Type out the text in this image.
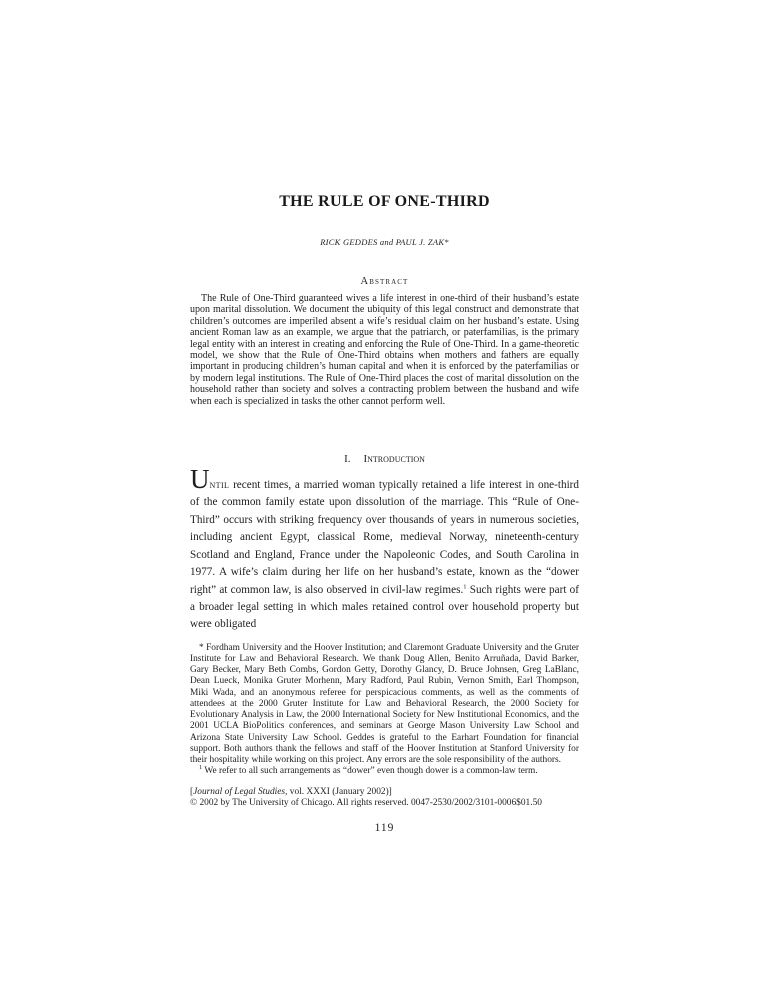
THE RULE OF ONE-THIRD
RICK GEDDES and PAUL J. ZAK*
Abstract

The Rule of One-Third guaranteed wives a life interest in one-third of their husband’s estate upon marital dissolution. We document the ubiquity of this legal construct and demonstrate that children’s outcomes are imperiled absent a wife’s residual claim on her husband’s estate. Using ancient Roman law as an example, we argue that the patriarch, or paterfamilias, is the primary legal entity with an interest in creating and enforcing the Rule of One-Third. In a game-theoretic model, we show that the Rule of One-Third obtains when mothers and fathers are equally important in producing children’s human capital and when it is enforced by the paterfamilias or by modern legal institutions. The Rule of One-Third places the cost of marital dissolution on the household rather than society and solves a contracting problem between the husband and wife when each is specialized in tasks the other cannot perform well.

I. Introduction

Until recent times, a married woman typically retained a life interest in one-third of the common family estate upon dissolution of the marriage. This “Rule of One-Third” occurs with striking frequency over thousands of years in numerous societies, including ancient Egypt, classical Rome, medieval Norway, nineteenth-century Scotland and England, France under the Napoleonic Codes, and South Carolina in 1977. A wife’s claim during her life on her husband’s estate, known as the “dower right” at common law, is also observed in civil-law regimes.$^1$ Such rights were part of a broader legal setting in which males retained control over household property but were obligated

* Fordham University and the Hoover Institution; and Claremont Graduate University and the Gruter Institute for Law and Behavioral Research. We thank Doug Allen, Benito Arruñada, David Barker, Gary Becker, Mary Beth Combs, Gordon Getty, Dorothy Glancy, D. Bruce Johnsen, Greg LaBlanc, Dean Lueck, Monika Gruter Morhenn, Mary Radford, Paul Rubin, Vernon Smith, Earl Thompson, Miki Wada, and an anonymous referee for perspicacious comments, as well as the comments of attendees at the 2000 Gruter Institute for Law and Behavioral Research, the 2000 Society for Evolutionary Analysis in Law, the 2000 International Society for New Institutional Economics, and the 2001 UCLA BioPolitics conferences, and seminars at George Mason University Law School and Arizona State University Law School. Geddes is grateful to the Earhart Foundation for financial support. Both authors thank the fellows and staff of the Hoover Institution at Stanford University for their hospitality while working on this project. Any errors are the sole responsibility of the authors.

$^1$ We refer to all such arrangements as “dower” even though dower is a common-law term.

[Journal of Legal Studies, vol. XXXI (January 2002)]

© 2002 by The University of Chicago. All rights reserved. 0047-2530/2002/3101-0006$01.50

119
